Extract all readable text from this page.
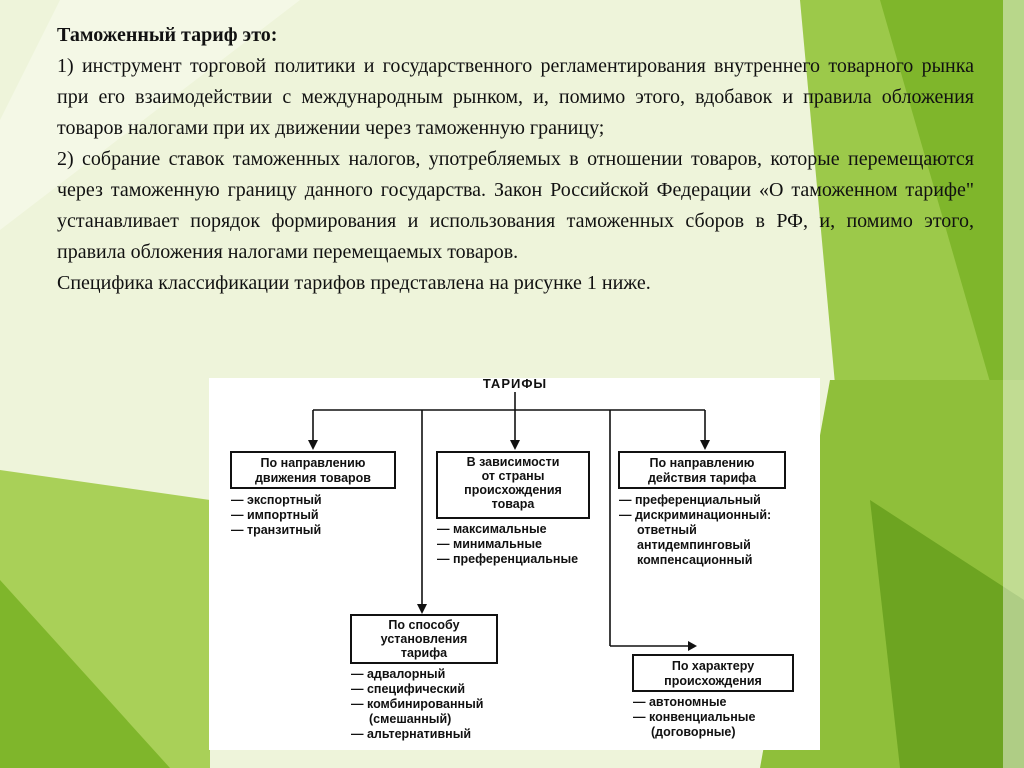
Таможенный тариф это:

1) инструмент торговой политики и государственного регламентирования внутреннего товарного рынка при его взаимодействии с международным рынком, и, помимо этого, вдобавок и правила обложения товаров налогами при их движении через таможенную границу;

2) собрание ставок таможенных налогов, употребляемых в отношении товаров, которые перемещаются через таможенную границу данного государства. Закон Российской Федерации «О таможенном тарифе" устанавливает порядок формирования и использования таможенных сборов в РФ, и, помимо этого, правила обложения налогами перемещаемых товаров.

Специфика классификации тарифов представлена на рисунке 1 ниже.

ТАРИФЫ
По направлению
движения товаров
— экспортный
— импортный
— транзитный
В зависимости
от страны
происхождения
товара
— максимальные
— минимальные
— преференциальные
По направлению
действия тарифа
— преференциальный
— дискриминационный:
ответный
антидемпинговый
компенсационный
По способу
установления
тарифа
— адвалорный
— специфический
— комбинированный
(смешанный)
— альтернативный
По характеру
происхождения
— автономные
— конвенциальные
(договорные)
